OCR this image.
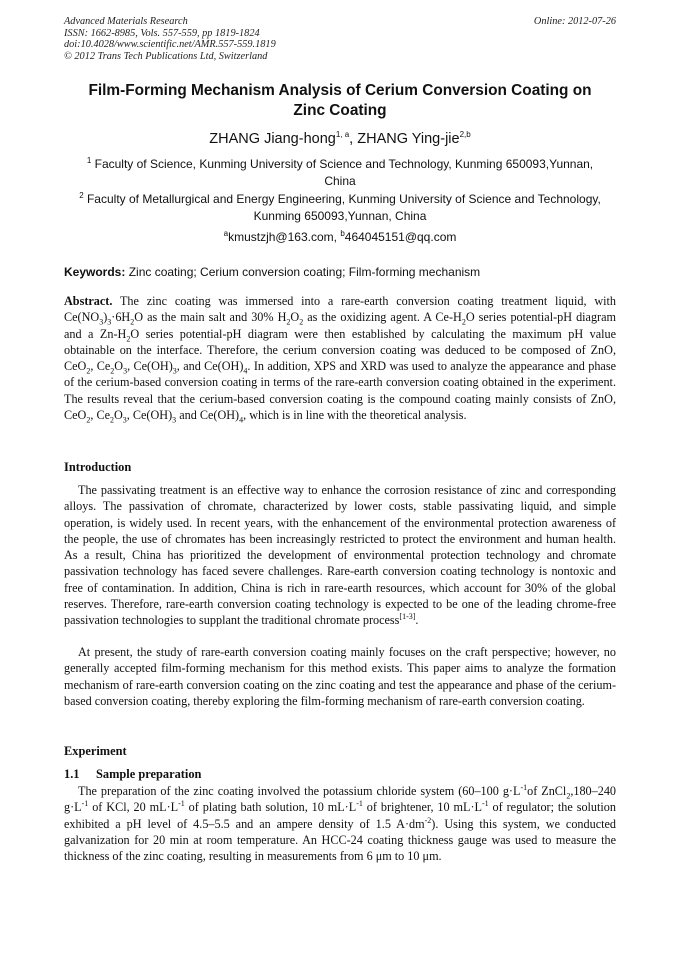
Advanced Materials Research
ISSN: 1662-8985, Vols. 557-559, pp 1819-1824
doi:10.4028/www.scientific.net/AMR.557-559.1819
© 2012 Trans Tech Publications Ltd, Switzerland
Online: 2012-07-26
Film-Forming Mechanism Analysis of Cerium Conversion Coating on
Zinc Coating
ZHANG Jiang-hong$^{1, a}$, ZHANG Ying-jie$^{2,b}$
$^1$ Faculty of Science, Kunming University of Science and Technology, Kunming 650093,Yunnan,
China
$^2$ Faculty of Metallurgical and Energy Engineering, Kunming University of Science and Technology,
Kunming 650093,Yunnan, China
$^a$kmustzjh@163.com, $^b$464045151@qq.com
Keywords: Zinc coating; Cerium conversion coating; Film-forming mechanism
Abstract. The zinc coating was immersed into a rare-earth conversion coating treatment liquid, with $Ce(NO_3)_3\cdot 6H_2O$ as the main salt and 30% $H_2O_2$ as the oxidizing agent. A $Ce-H_2O$ series potential-pH diagram and a $Zn-H_2O$ series potential-pH diagram were then established by calculating the maximum pH value obtainable on the interface. Therefore, the cerium conversion coating was deduced to be composed of ZnO, CeO$_2$, $Ce_2O_3$, $Ce(OH)_3$, and $Ce(OH)_4$. In addition, XPS and XRD was used to analyze the appearance and phase of the cerium-based conversion coating in terms of the rare-earth conversion coating obtained in the experiment. The results reveal that the cerium-based conversion coating is the compound coating mainly consists of ZnO, CeO$_2$, $Ce_2O_3$, $Ce(OH)_3$ and $Ce(OH)_4$, which is in line with the theoretical analysis.
Introduction
The passivating treatment is an effective way to enhance the corrosion resistance of zinc and corresponding alloys. The passivation of chromate, characterized by lower costs, stable passivating liquid, and simple operation, is widely used. In recent years, with the enhancement of the environmental protection awareness of the people, the use of chromates has been increasingly restricted to protect the environment and human health. As a result, China has prioritized the development of environmental protection technology and chromate passivation technology has faced severe challenges. Rare-earth conversion coating technology is nontoxic and free of contamination. In addition, China is rich in rare-earth resources, which account for 30% of the global reserves. Therefore, rare-earth conversion coating technology is expected to be one of the leading chrome-free passivation technologies to supplant the traditional chromate process[1-3].
At present, the study of rare-earth conversion coating mainly focuses on the craft perspective; however, no generally accepted film-forming mechanism for this method exists. This paper aims to analyze the formation mechanism of rare-earth conversion coating on the zinc coating and test the appearance and phase of the cerium-based conversion coating, thereby exploring the film-forming mechanism of rare-earth conversion coating.
Experiment
1.1 Sample preparation
The preparation of the zinc coating involved the potassium chloride system (60–100 $g\cdot L^{-1}of$ ZnCl$_2$,180–240 $g\cdot L^{-1}$ of KCl, 20 $mL\cdot L^{-1}$ of plating bath solution, 10 $mL\cdot L^{-1}$ of brightener, 10 $mL\cdot L^{-1}$ of regulator; the solution exhibited a pH level of 4.5–5.5 and an ampere density of 1.5 $A\cdot dm^{-2}$). Using this system, we conducted galvanization for 20 min at room temperature. An HCC-24 coating thickness gauge was used to measure the thickness of the zinc coating, resulting in measurements from 6 μm to 10 μm.
